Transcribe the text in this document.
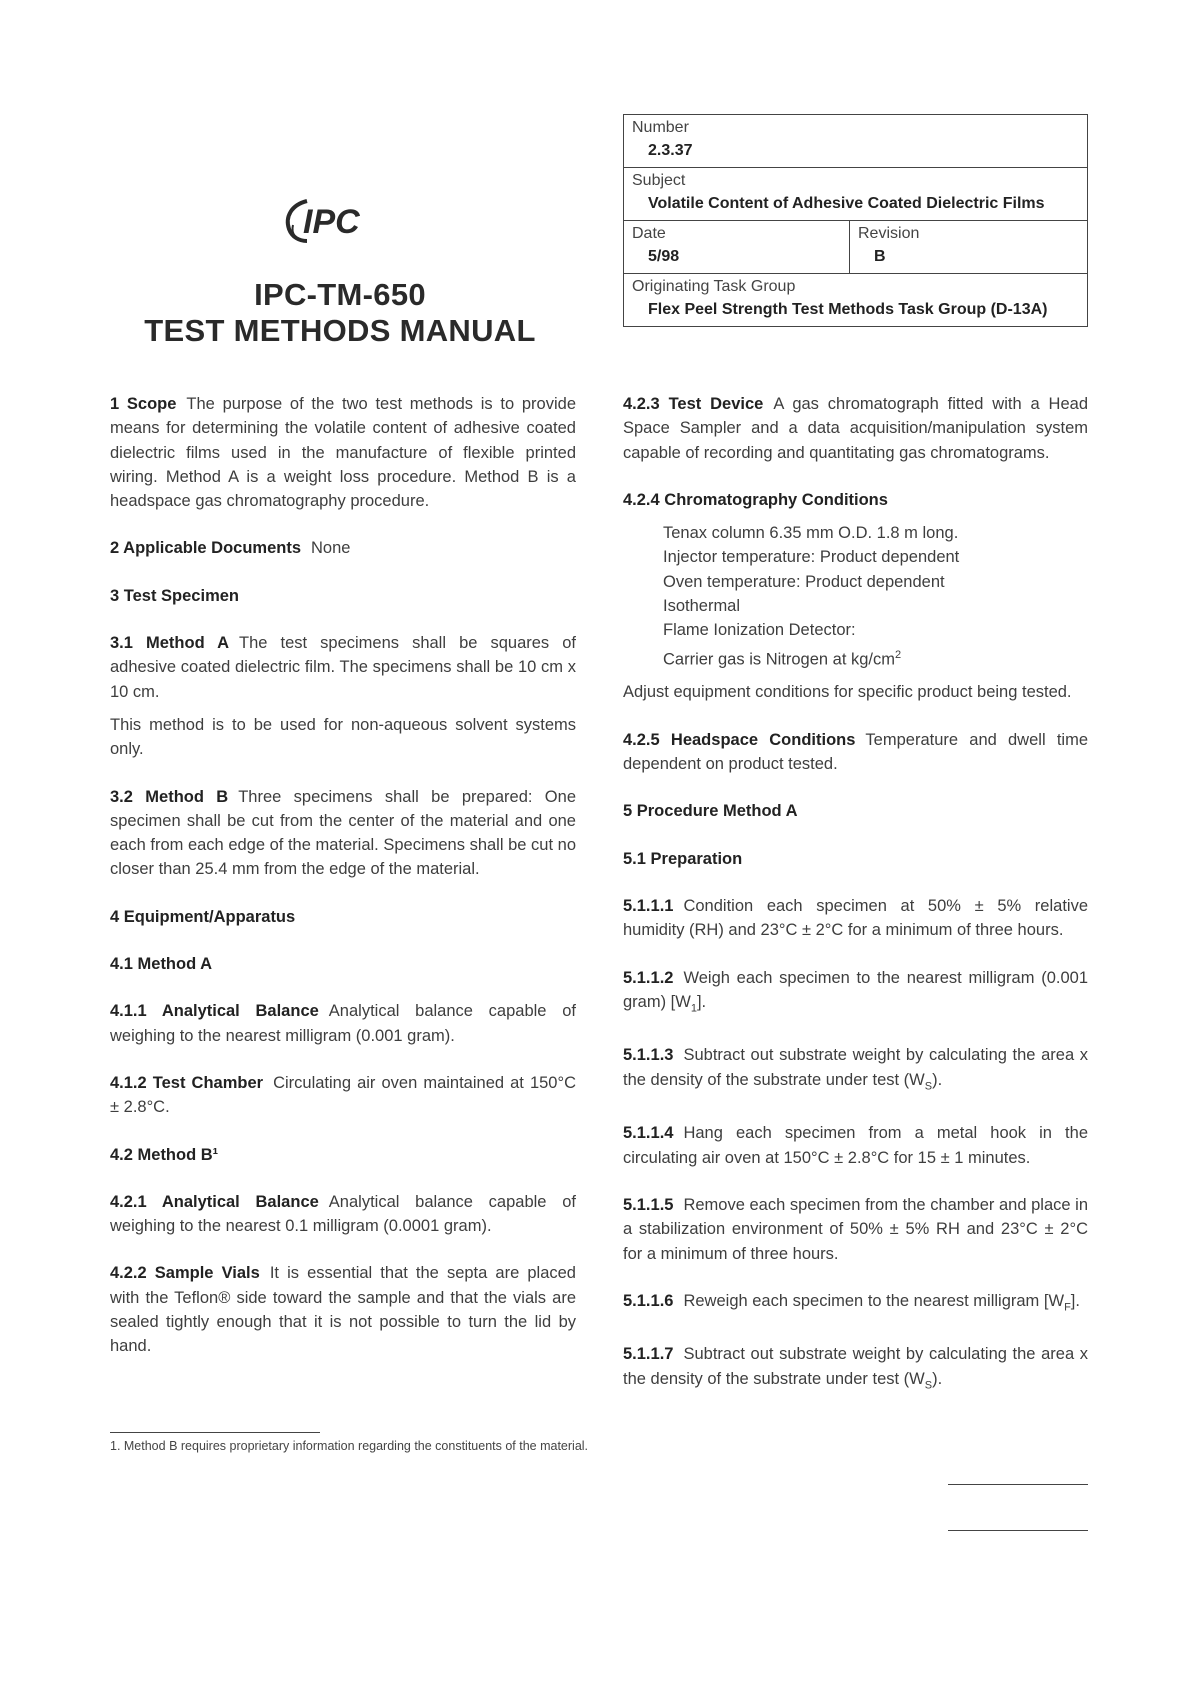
IPC
IPC-TM-650
TEST METHODS MANUAL
Number
2.3.37
Subject
Volatile Content of Adhesive Coated Dielectric Films
Date
5/98
Revision
B
Originating Task Group
Flex Peel Strength Test Methods Task Group (D-13A)

1 Scope The purpose of the two test methods is to provide means for determining the volatile content of adhesive coated dielectric films used in the manufacture of flexible printed wiring. Method A is a weight loss procedure. Method B is a headspace gas chromatography procedure.

2 Applicable Documents None

3 Test Specimen

3.1 Method A The test specimens shall be squares of adhesive coated dielectric film. The specimens shall be 10 cm x 10 cm.

This method is to be used for non-aqueous solvent systems only.

3.2 Method B Three specimens shall be prepared: One specimen shall be cut from the center of the material and one each from each edge of the material. Specimens shall be cut no closer than 25.4 mm from the edge of the material.

4 Equipment/Apparatus

4.1 Method A

4.1.1 Analytical Balance Analytical balance capable of weighing to the nearest milligram (0.001 gram).

4.1.2 Test Chamber Circulating air oven maintained at 150°C ± 2.8°C.

4.2 Method B¹

4.2.1 Analytical Balance Analytical balance capable of weighing to the nearest 0.1 milligram (0.0001 gram).

4.2.2 Sample Vials It is essential that the septa are placed with the Teflon® side toward the sample and that the vials are sealed tightly enough that it is not possible to turn the lid by hand.

4.2.3 Test Device A gas chromatograph fitted with a Head Space Sampler and a data acquisition/manipulation system capable of recording and quantitating gas chromatograms.

4.2.4 Chromatography Conditions

Tenax column 6.35 mm O.D. 1.8 m long.
Injector temperature: Product dependent
Oven temperature: Product dependent
Isothermal
Flame Ionization Detector:
Carrier gas is Nitrogen at $kg/cm^2$

Adjust equipment conditions for specific product being tested.

4.2.5 Headspace Conditions Temperature and dwell time dependent on product tested.

5 Procedure Method A

5.1 Preparation

5.1.1.1 Condition each specimen at 50% ± 5% relative humidity (RH) and 23°C ± 2°C for a minimum of three hours.

5.1.1.2 Weigh each specimen to the nearest milligram (0.001 gram) $[W_1]$.

5.1.1.3 Subtract out substrate weight by calculating the area x the density of the substrate under test $(W_S)$.

5.1.1.4 Hang each specimen from a metal hook in the circulating air oven at 150°C ± 2.8°C for 15 ± 1 minutes.

5.1.1.5 Remove each specimen from the chamber and place in a stabilization environment of 50% ± 5% RH and 23°C ± 2°C for a minimum of three hours.

5.1.1.6 Reweigh each specimen to the nearest milligram $[W_F]$.

5.1.1.7 Subtract out substrate weight by calculating the area x the density of the substrate under test $(W_S)$.

1. Method B requires proprietary information regarding the constituents of the material.
